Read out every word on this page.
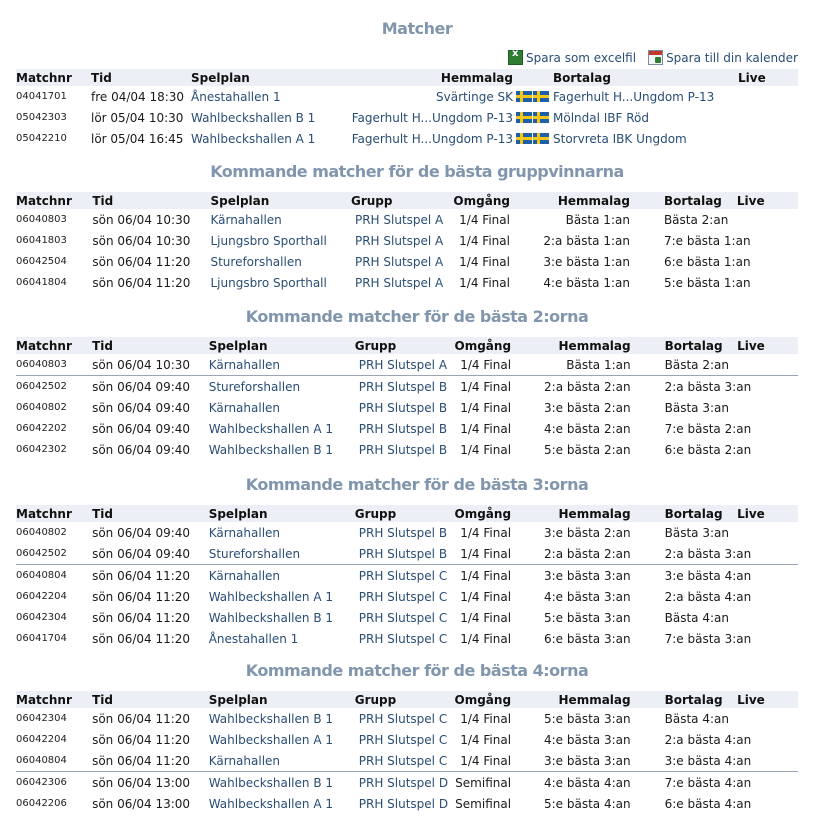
Matcher
x
Spara som excelfil	Spara till din kalender
Matchnr	Tid	Spelplan	Hemmalag			Bortalag	Live
04041701	fre 04/04 18:30	Ånestahallen 1	Svärtinge SK			Fagerhult H...Ungdom P-13	
05042303	lör 05/04 10:30	Wahlbeckshallen B 1	Fagerhult H...Ungdom P-13			Mölndal IBF Röd	
05042210	lör 05/04 16:45	Wahlbeckshallen A 1	Fagerhult H...Ungdom P-13			Storvreta IBK Ungdom	
Kommande matcher för de bästa gruppvinnarna
Matchnr	Tid	Spelplan	Grupp	Omgång	Hemmalag	Bortalag	Live
06040803	sön 06/04 10:30	Kärnahallen	PRH Slutspel A	1/4 Final	Bästa 1:an	Bästa 2:an	
06041803	sön 06/04 10:30	Ljungsbro Sporthall	PRH Slutspel A	1/4 Final	2:a bästa 1:an	7:e bästa 1:an	
06042504	sön 06/04 11:20	Stureforshallen	PRH Slutspel A	1/4 Final	3:e bästa 1:an	6:e bästa 1:an	
06041804	sön 06/04 11:20	Ljungsbro Sporthall	PRH Slutspel A	1/4 Final	4:e bästa 1:an	5:e bästa 1:an	
Kommande matcher för de bästa 2:orna
Matchnr	Tid	Spelplan	Grupp	Omgång	Hemmalag	Bortalag	Live
06040803	sön 06/04 10:30	Kärnahallen	PRH Slutspel A	1/4 Final	Bästa 1:an	Bästa 2:an	
06042502	sön 06/04 09:40	Stureforshallen	PRH Slutspel B	1/4 Final	2:a bästa 2:an	2:a bästa 3:an	
06040802	sön 06/04 09:40	Kärnahallen	PRH Slutspel B	1/4 Final	3:e bästa 2:an	Bästa 3:an	
06042202	sön 06/04 09:40	Wahlbeckshallen A 1	PRH Slutspel B	1/4 Final	4:e bästa 2:an	7:e bästa 2:an	
06042302	sön 06/04 09:40	Wahlbeckshallen B 1	PRH Slutspel B	1/4 Final	5:e bästa 2:an	6:e bästa 2:an	
Kommande matcher för de bästa 3:orna
Matchnr	Tid	Spelplan	Grupp	Omgång	Hemmalag	Bortalag	Live
06040802	sön 06/04 09:40	Kärnahallen	PRH Slutspel B	1/4 Final	3:e bästa 2:an	Bästa 3:an	
06042502	sön 06/04 09:40	Stureforshallen	PRH Slutspel B	1/4 Final	2:a bästa 2:an	2:a bästa 3:an	
06040804	sön 06/04 11:20	Kärnahallen	PRH Slutspel C	1/4 Final	3:e bästa 3:an	3:e bästa 4:an	
06042204	sön 06/04 11:20	Wahlbeckshallen A 1	PRH Slutspel C	1/4 Final	4:e bästa 3:an	2:a bästa 4:an	
06042304	sön 06/04 11:20	Wahlbeckshallen B 1	PRH Slutspel C	1/4 Final	5:e bästa 3:an	Bästa 4:an	
06041704	sön 06/04 11:20	Ånestahallen 1	PRH Slutspel C	1/4 Final	6:e bästa 3:an	7:e bästa 3:an	
Kommande matcher för de bästa 4:orna
Matchnr	Tid	Spelplan	Grupp	Omgång	Hemmalag	Bortalag	Live
06042304	sön 06/04 11:20	Wahlbeckshallen B 1	PRH Slutspel C	1/4 Final	5:e bästa 3:an	Bästa 4:an	
06042204	sön 06/04 11:20	Wahlbeckshallen A 1	PRH Slutspel C	1/4 Final	4:e bästa 3:an	2:a bästa 4:an	
06040804	sön 06/04 11:20	Kärnahallen	PRH Slutspel C	1/4 Final	3:e bästa 3:an	3:e bästa 4:an	
06042306	sön 06/04 13:00	Wahlbeckshallen B 1	PRH Slutspel D	Semifinal	4:e bästa 4:an	7:e bästa 4:an	
06042206	sön 06/04 13:00	Wahlbeckshallen A 1	PRH Slutspel D	Semifinal	5:e bästa 4:an	6:e bästa 4:an	
